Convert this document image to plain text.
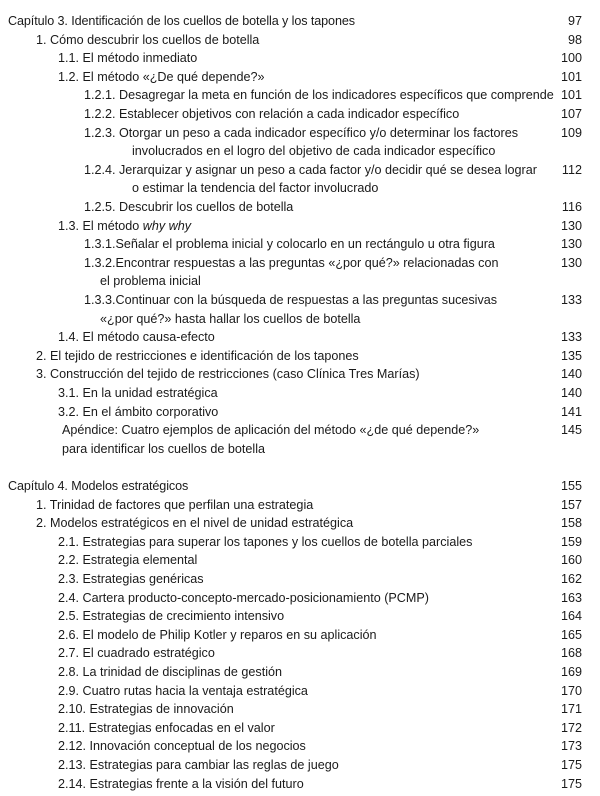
Capítulo 3. Identificación de los cuellos de botella y los tapones	97
1. Cómo descubrir los cuellos de botella	98
1.1. El método inmediato	100
1.2. El método «¿De qué depende?»	101
1.2.1. Desagregar la meta en función de los indicadores específicos que comprende 101
1.2.2. Establecer objetivos con relación a cada indicador específico	107
1.2.3. Otorgar un peso a cada indicador específico y/o determinar los factores	109
involucrados en el logro del objetivo de cada indicador específico
1.2.4. Jerarquizar y asignar un peso a cada factor y/o decidir qué se desea lograr 112
o estimar la tendencia del factor involucrado
1.2.5. Descubrir los cuellos de botella	116
1.3. El método why why	130
1.3.1.Señalar el problema inicial y colocarlo en un rectángulo u otra figura	130
1.3.2.Encontrar respuestas a las preguntas «¿por qué?» relacionadas con	130
el problema inicial
1.3.3.Continuar con la búsqueda de respuestas a las preguntas sucesivas	133
«¿por qué?» hasta hallar los cuellos de botella
1.4. El método causa-efecto	133
2. El tejido de restricciones e identificación de los tapones	135
3. Construcción del tejido de restricciones (caso Clínica Tres Marías)	140
3.1. En la unidad estratégica	140
3.2. En el ámbito corporativo	141
Apéndice: Cuatro ejemplos de aplicación del método «¿de qué depende?»	145
para identificar los cuellos de botella
Capítulo 4. Modelos estratégicos	155
1. Trinidad de factores que perfilan una estrategia	157
2. Modelos estratégicos en el nivel de unidad estratégica	158
2.1. Estrategias para superar los tapones y los cuellos de botella parciales	159
2.2. Estrategia elemental	160
2.3. Estrategias genéricas	162
2.4. Cartera producto-concepto-mercado-posicionamiento (PCMP)	163
2.5. Estrategias de crecimiento intensivo	164
2.6. El modelo de Philip Kotler y reparos en su aplicación	165
2.7. El cuadrado estratégico	168
2.8. La trinidad de disciplinas de gestión	169
2.9. Cuatro rutas hacia la ventaja estratégica	170
2.10. Estrategias de innovación	171
2.11. Estrategias enfocadas en el valor	172
2.12. Innovación conceptual de los negocios	173
2.13. Estrategias para cambiar las reglas de juego	175
2.14. Estrategias frente a la visión del futuro	175
